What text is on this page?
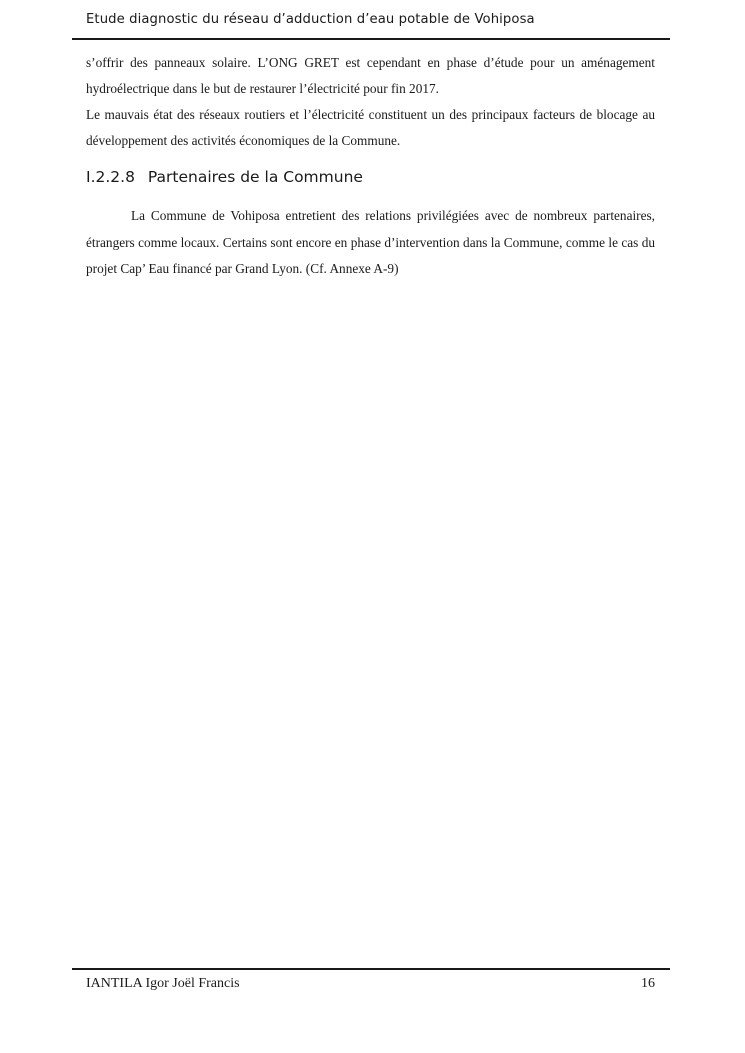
Etude diagnostic du réseau d’adduction d’eau potable de Vohiposa

s’offrir des panneaux solaire. L’ONG GRET est cependant en phase d’étude pour un aménagement hydroélectrique dans le but de restaurer l’électricité pour fin 2017.

Le mauvais état des réseaux routiers et l’électricité constituent un des principaux facteurs de blocage au développement des activités économiques de la Commune.

I.2.2.8 Partenaires de la Commune

La Commune de Vohiposa entretient des relations privilégiées avec de nombreux partenaires, étrangers comme locaux. Certains sont encore en phase d’intervention dans la Commune, comme le cas du projet Cap’ Eau financé par Grand Lyon. (Cf. Annexe A-9)

IANTILA Igor Joël Francis	16
